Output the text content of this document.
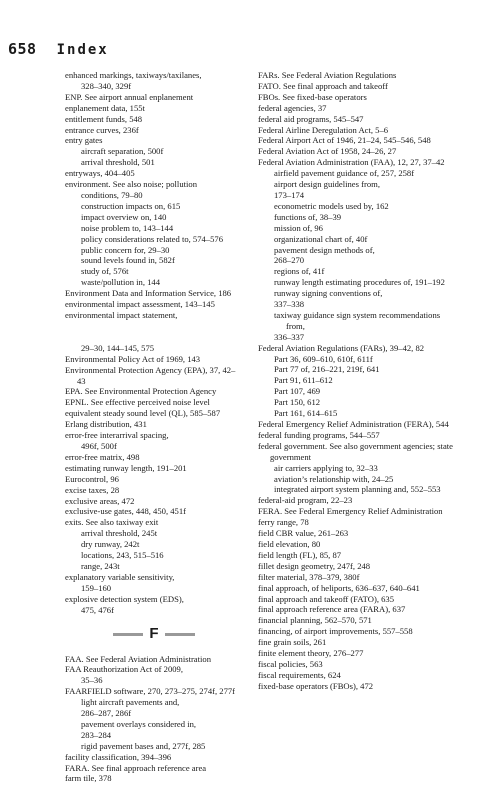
658 Index

enhanced markings, taxiways/taxilanes,

328–340, 329f

ENP. See airport annual enplanement

enplanement data, 155t

entitlement funds, 548

entrance curves, 236f

entry gates

aircraft separation, 500f

arrival threshold, 501

entryways, 404–405

environment. See also noise; pollution

conditions, 79–80

construction impacts on, 615

impact overview on, 140

noise problem to, 143–144

policy considerations related to, 574–576

public concern for, 29–30

sound levels found in, 582f

study of, 576t

waste/pollution in, 144

Environment Data and Information Service, 186

environmental impact assessment, 143–145

environmental impact statement,

29–30, 144–145, 575

Environmental Policy Act of 1969, 143

Environmental Protection Agency (EPA), 37, 42–43

EPA. See Environmental Protection Agency

EPNL. See effective perceived noise level

equivalent steady sound level (QL), 585–587

Erlang distribution, 431

error-free interarrival spacing,

496f, 500f

error-free matrix, 498

estimating runway length, 191–201

Eurocontrol, 96

excise taxes, 28

exclusive areas, 472

exclusive-use gates, 448, 450, 451f

exits. See also taxiway exit

arrival threshold, 245t

dry runway, 242t

locations, 243, 515–516

range, 243t

explanatory variable sensitivity,

159–160

explosive detection system (EDS),

475, 476f

F

FAA. See Federal Aviation Administration

FAA Reauthorization Act of 2009,

35–36

FAARFIELD software, 270, 273–275, 274f, 277f

light aircraft pavements and,

286–287, 286f

pavement overlays considered in,

283–284

rigid pavement bases and, 277f, 285

facility classification, 394–396

FARA. See final approach reference area

farm tile, 378

FARs. See Federal Aviation Regulations

FATO. See final approach and takeoff

FBOs. See fixed-base operators

federal agencies, 37

federal aid programs, 545–547

Federal Airline Deregulation Act, 5–6

Federal Airport Act of 1946, 21–24, 545–546, 548

Federal Aviation Act of 1958, 24–26, 27

Federal Aviation Administration (FAA), 12, 27, 37–42

airfield pavement guidance of, 257, 258f

airport design guidelines from,

173–174

econometric models used by, 162

functions of, 38–39

mission of, 96

organizational chart of, 40f

pavement design methods of,

268–270

regions of, 41f

runway length estimating procedures of, 191–192

runway signing conventions of,

337–338

taxiway guidance sign system recommendations from,

336–337

Federal Aviation Regulations (FARs), 39–42, 82

Part 36, 609–610, 610f, 611f

Part 77 of, 216–221, 219f, 641

Part 91, 611–612

Part 107, 469

Part 150, 612

Part 161, 614–615

Federal Emergency Relief Administration (FERA), 544

federal funding programs, 544–557

federal government. See also government agencies; state government

air carriers applying to, 32–33

aviation’s relationship with, 24–25

integrated airport system planning and, 552–553

federal-aid program, 22–23

FERA. See Federal Emergency Relief Administration

ferry range, 78

field CBR value, 261–263

field elevation, 80

field length (FL), 85, 87

fillet design geometry, 247f, 248

filter material, 378–379, 380f

final approach, of heliports, 636–637, 640–641

final approach and takeoff (FATO), 635

final approach reference area (FARA), 637

financial planning, 562–570, 571

financing, of airport improvements, 557–558

fine grain soils, 261

finite element theory, 276–277

fiscal policies, 563

fiscal requirements, 624

fixed-base operators (FBOs), 472
